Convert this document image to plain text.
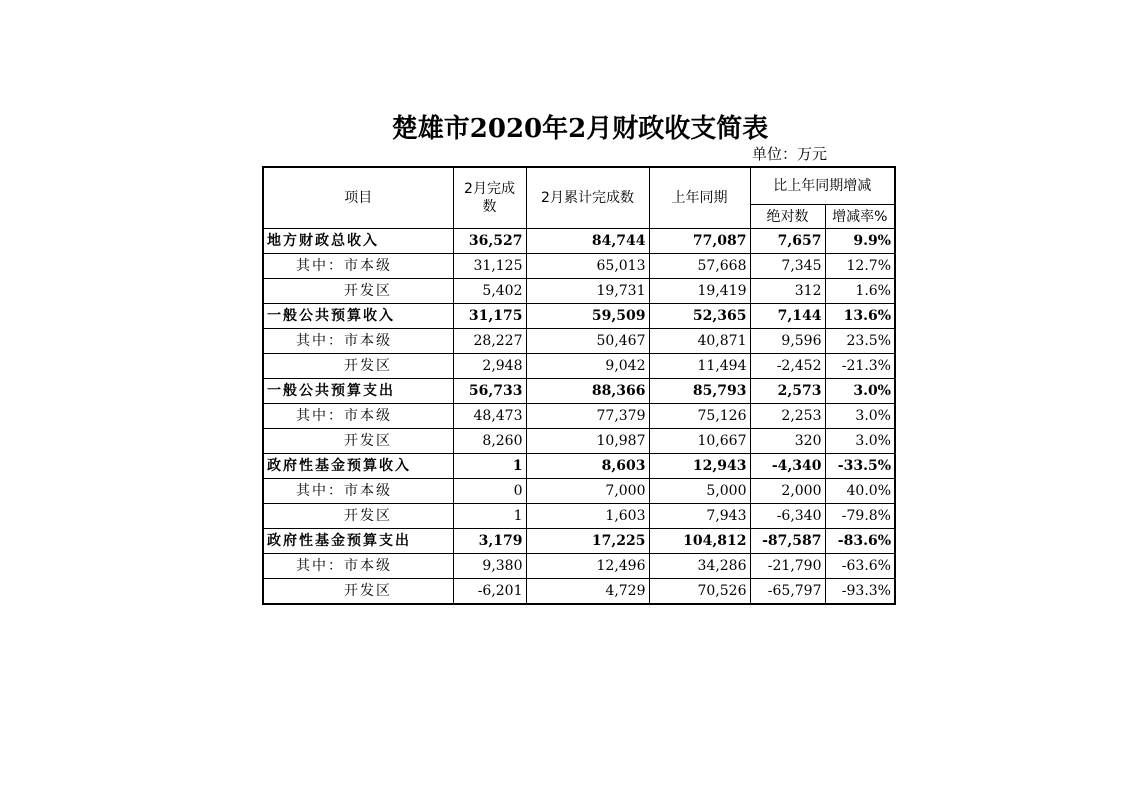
楚雄市2020年2月财政收支简表
单位：万元
项目	2月完成数	2月累计完成数	上年同期	比上年同期增减	
				绝对数	增减率%
地方财政总收入	36,527	84,744	77,087	7,657	9.9%
其中：市本级	31,125	65,013	57,668	7,345	12.7%
开发区	5,402	19,731	19,419	312	1.6%
一般公共预算收入	31,175	59,509	52,365	7,144	13.6%
其中：市本级	28,227	50,467	40,871	9,596	23.5%
开发区	2,948	9,042	11,494	-2,452	-21.3%
一般公共预算支出	56,733	88,366	85,793	2,573	3.0%
其中：市本级	48,473	77,379	75,126	2,253	3.0%
开发区	8,260	10,987	10,667	320	3.0%
政府性基金预算收入	1	8,603	12,943	-4,340	-33.5%
其中：市本级	0	7,000	5,000	2,000	40.0%
开发区	1	1,603	7,943	-6,340	-79.8%
政府性基金预算支出	3,179	17,225	104,812	-87,587	-83.6%
其中：市本级	9,380	12,496	34,286	-21,790	-63.6%
开发区	-6,201	4,729	70,526	-65,797	-93.3%
